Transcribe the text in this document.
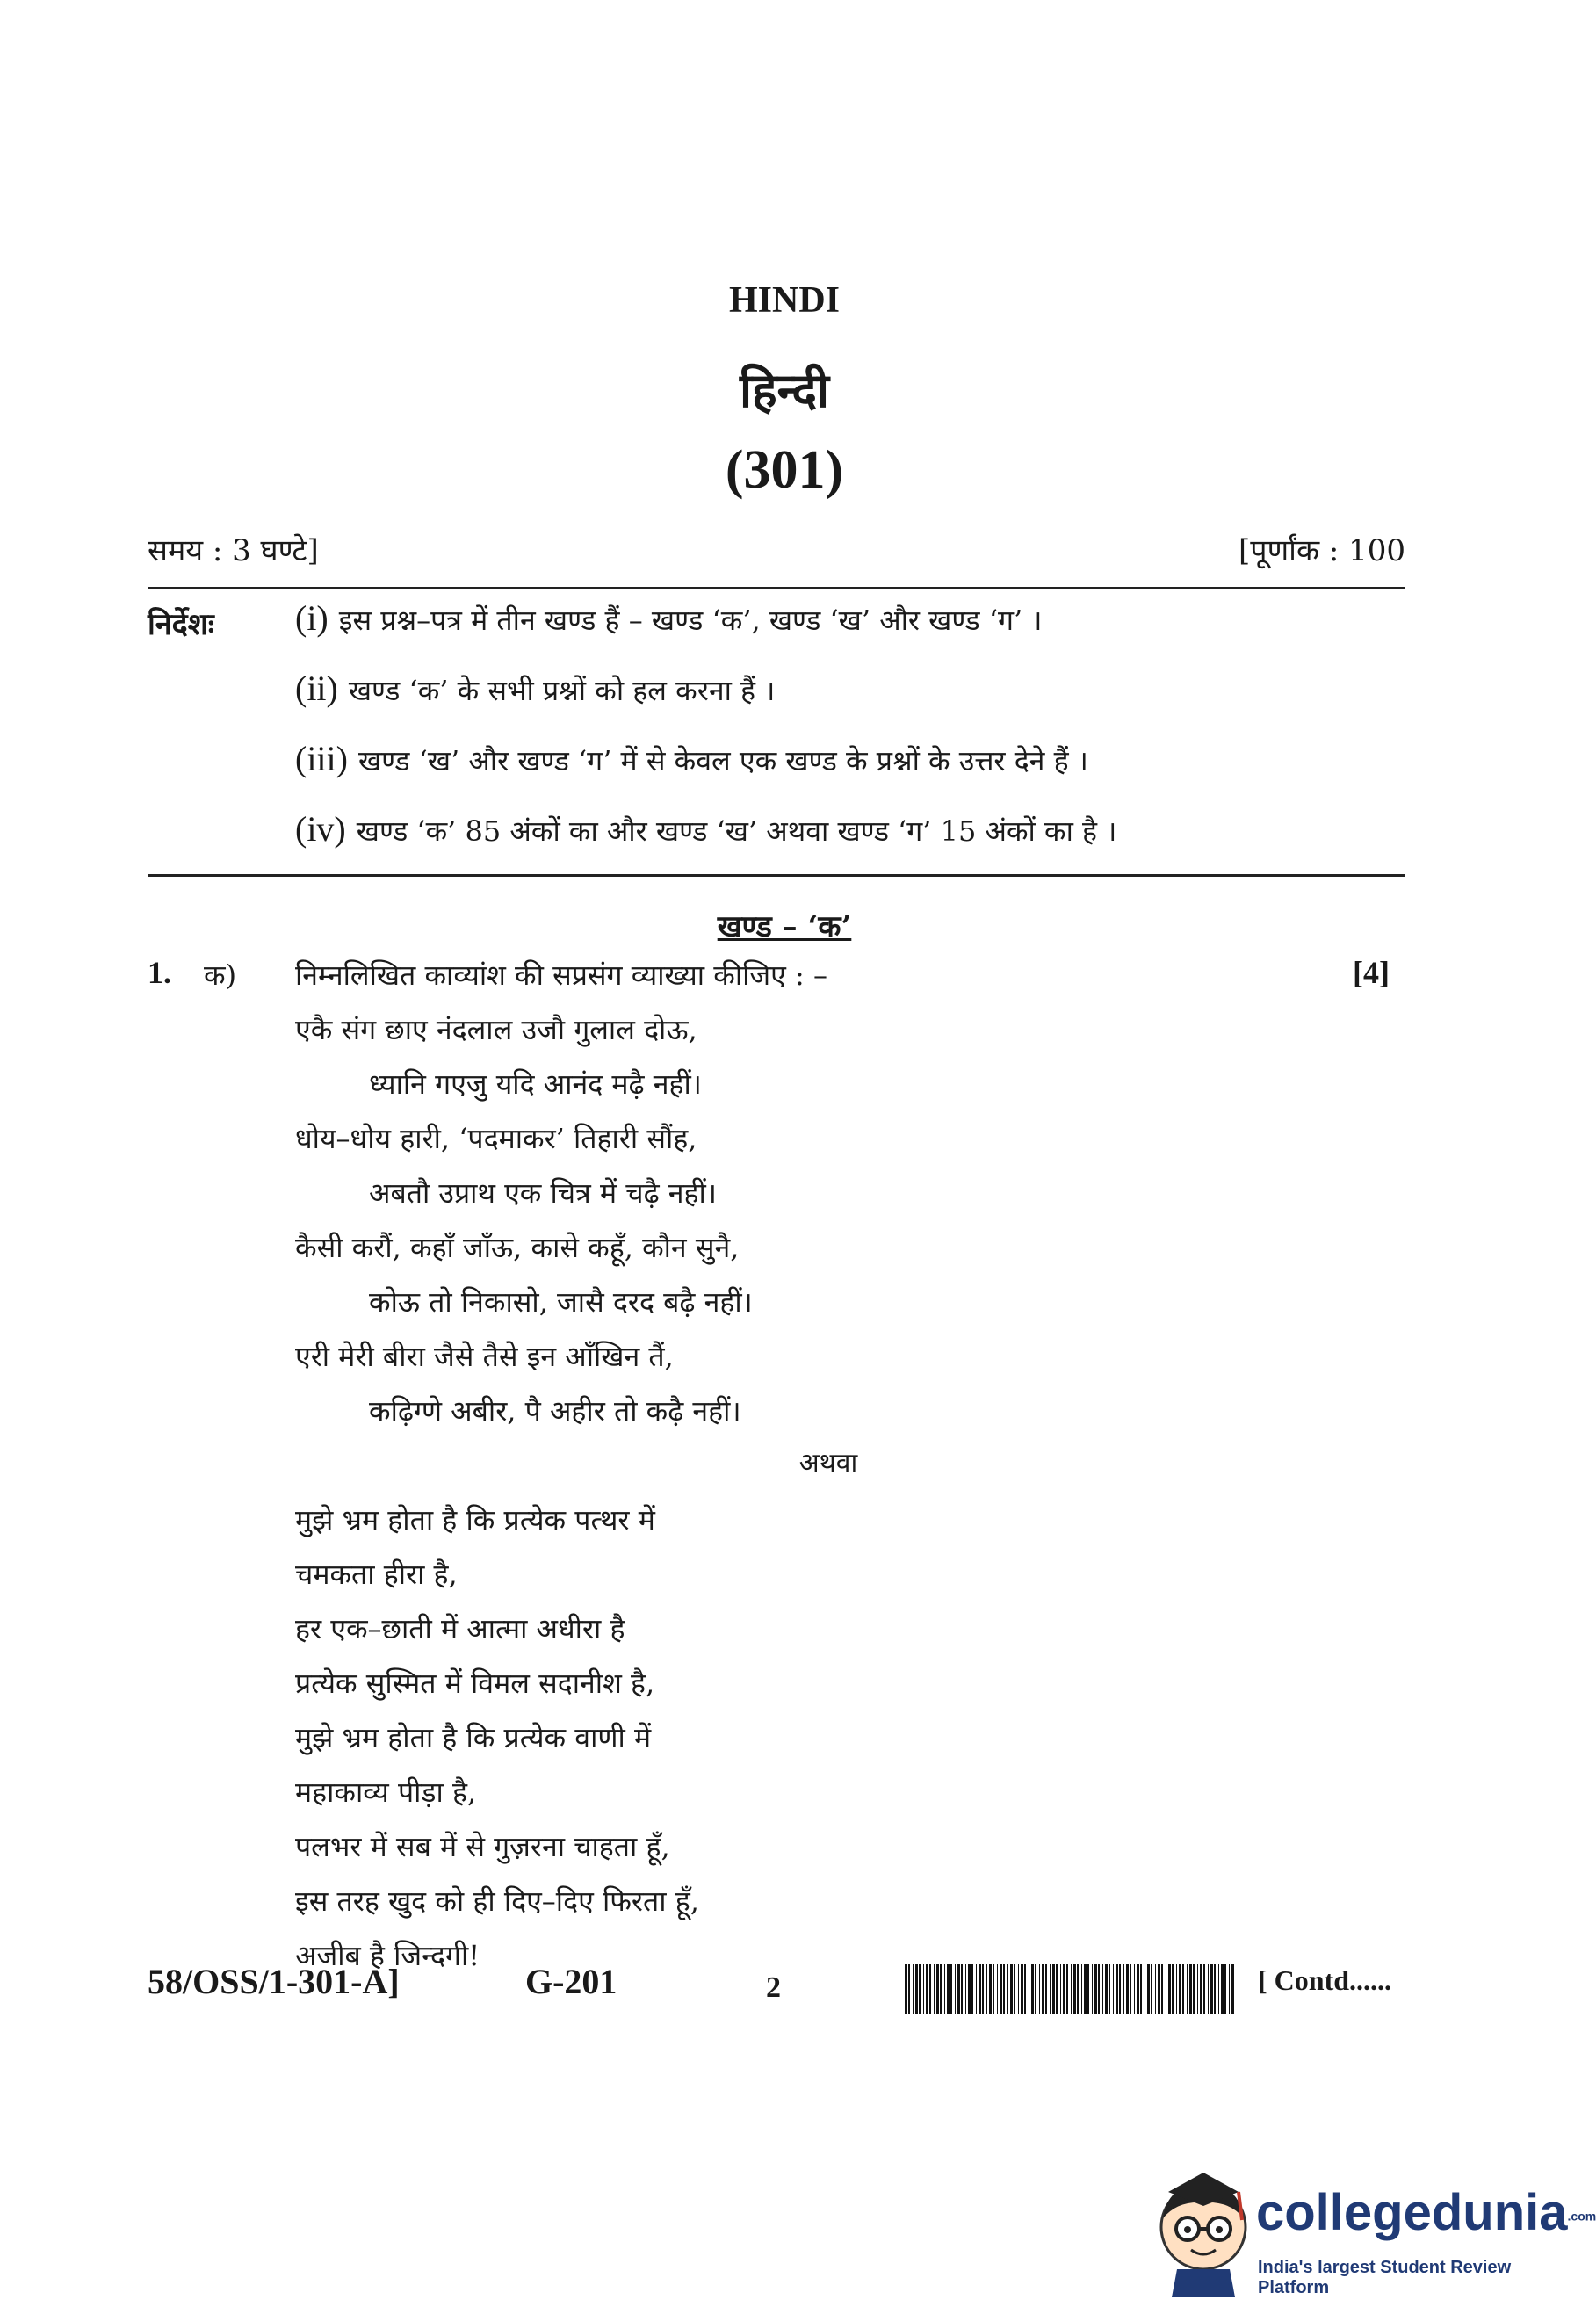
HINDI
हिन्दी
(301)
समय : 3 घण्टे]	[पूर्णांक : 100
निर्देशः (i) इस प्रश्न–पत्र में तीन खण्ड हैं – खण्ड ‘क’, खण्ड ‘ख’ और खण्ड ‘ग’ ।
(ii) खण्ड ‘क’ के सभी प्रश्नों को हल करना हैं ।
(iii) खण्ड ‘ख’ और खण्ड ‘ग’ में से केवल एक खण्ड के प्रश्नों के उत्तर देने हैं ।
(iv) खण्ड ‘क’ 85 अंकों का और खण्ड ‘ख’ अथवा खण्ड ‘ग’ 15 अंकों का है ।
खण्ड – ‘क’
1. क) निम्नलिखित काव्यांश की सप्रसंग व्याख्या कीजिए : –	[4]
एकै संग छाए नंदलाल उजौ गुलाल दोऊ,
ध्यानि गएजु यदि आनंद मढ़ै नहीं।
धोय–धोय हारी, ‘पदमाकर’ तिहारी सौंह,
अबतौ उप्राथ एक चित्र में चढ़ै नहीं।
कैसी करौं, कहाँ जाँऊ, कासे कहूँ, कौन सुनै,
कोऊ तो निकासो, जासै दरद बढ़ै नहीं।
एरी मेरी बीरा जैसे तैसे इन आँखिन तैं,
कढ़िग्णे अबीर, पै अहीर तो कढ़ै नहीं।
अथवा
मुझे भ्रम होता है कि प्रत्येक पत्थर में
चमकता हीरा है,
हर एक–छाती में आत्मा अधीरा है
प्रत्येक सुस्मित में विमल सदानीश है,
मुझे भ्रम होता है कि प्रत्येक वाणी में
महाकाव्य पीड़ा है,
पलभर में सब में से गुज़रना चाहता हूँ,
इस तरह खुद को ही दिए–दिए फिरता हूँ,
अजीब है जिन्दगी!
58/OSS/1-301-A]	G-201	2	[ Contd......
collegedunia.com
India's largest Student Review Platform
